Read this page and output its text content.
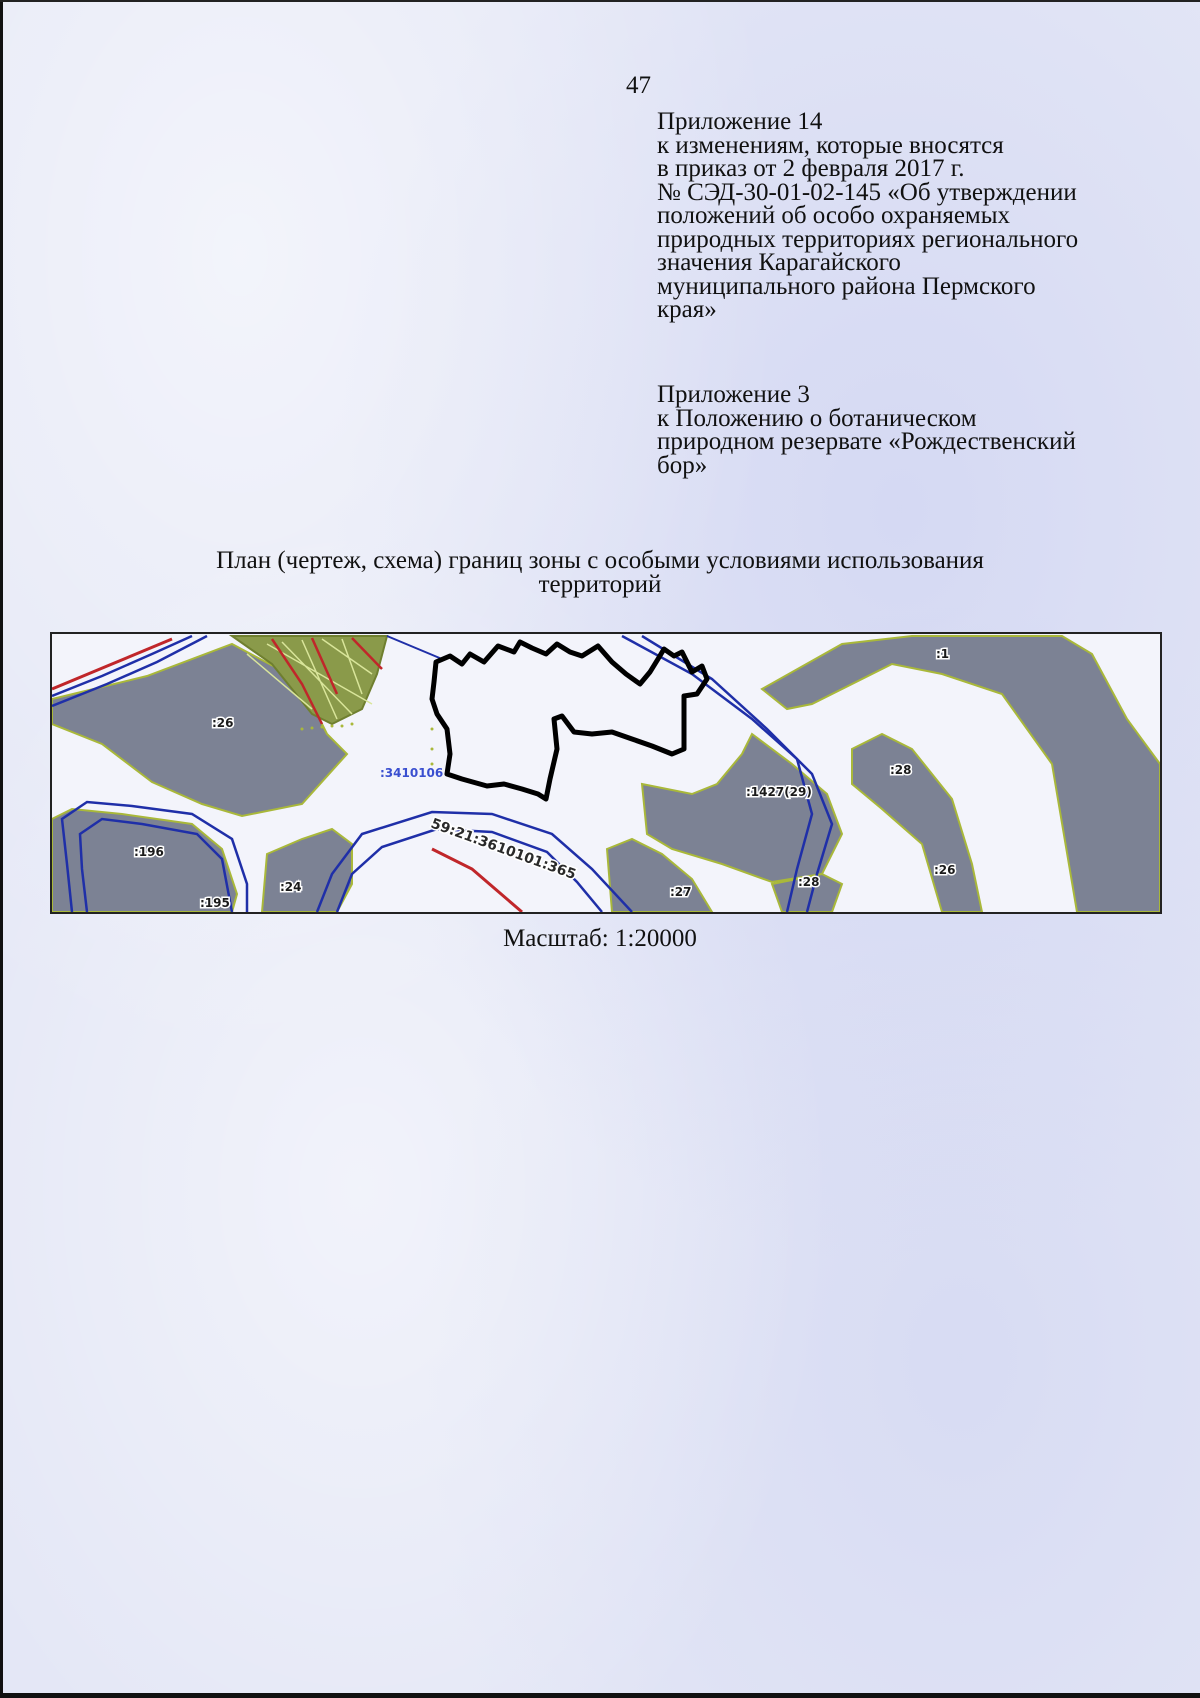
47
Приложение 14
к изменениям, которые вносятся
в приказ от 2 февраля 2017 г.
№ СЭД-30-01-02-145 «Об утверждении
положений об особо охраняемых
природных территориях регионального
значения Карагайского
муниципального района Пермского
края»
Приложение 3
к Положению о ботаническом
природном резервате «Рождественский
бор»
План (чертеж, схема) границ зоны с особыми условиями использования
территорий
:1
:26
:3410106
:1427(29)
:28
:196
:195
:24	:27
:28
:26
59:21:3610101:365
Масштаб: 1:20000
